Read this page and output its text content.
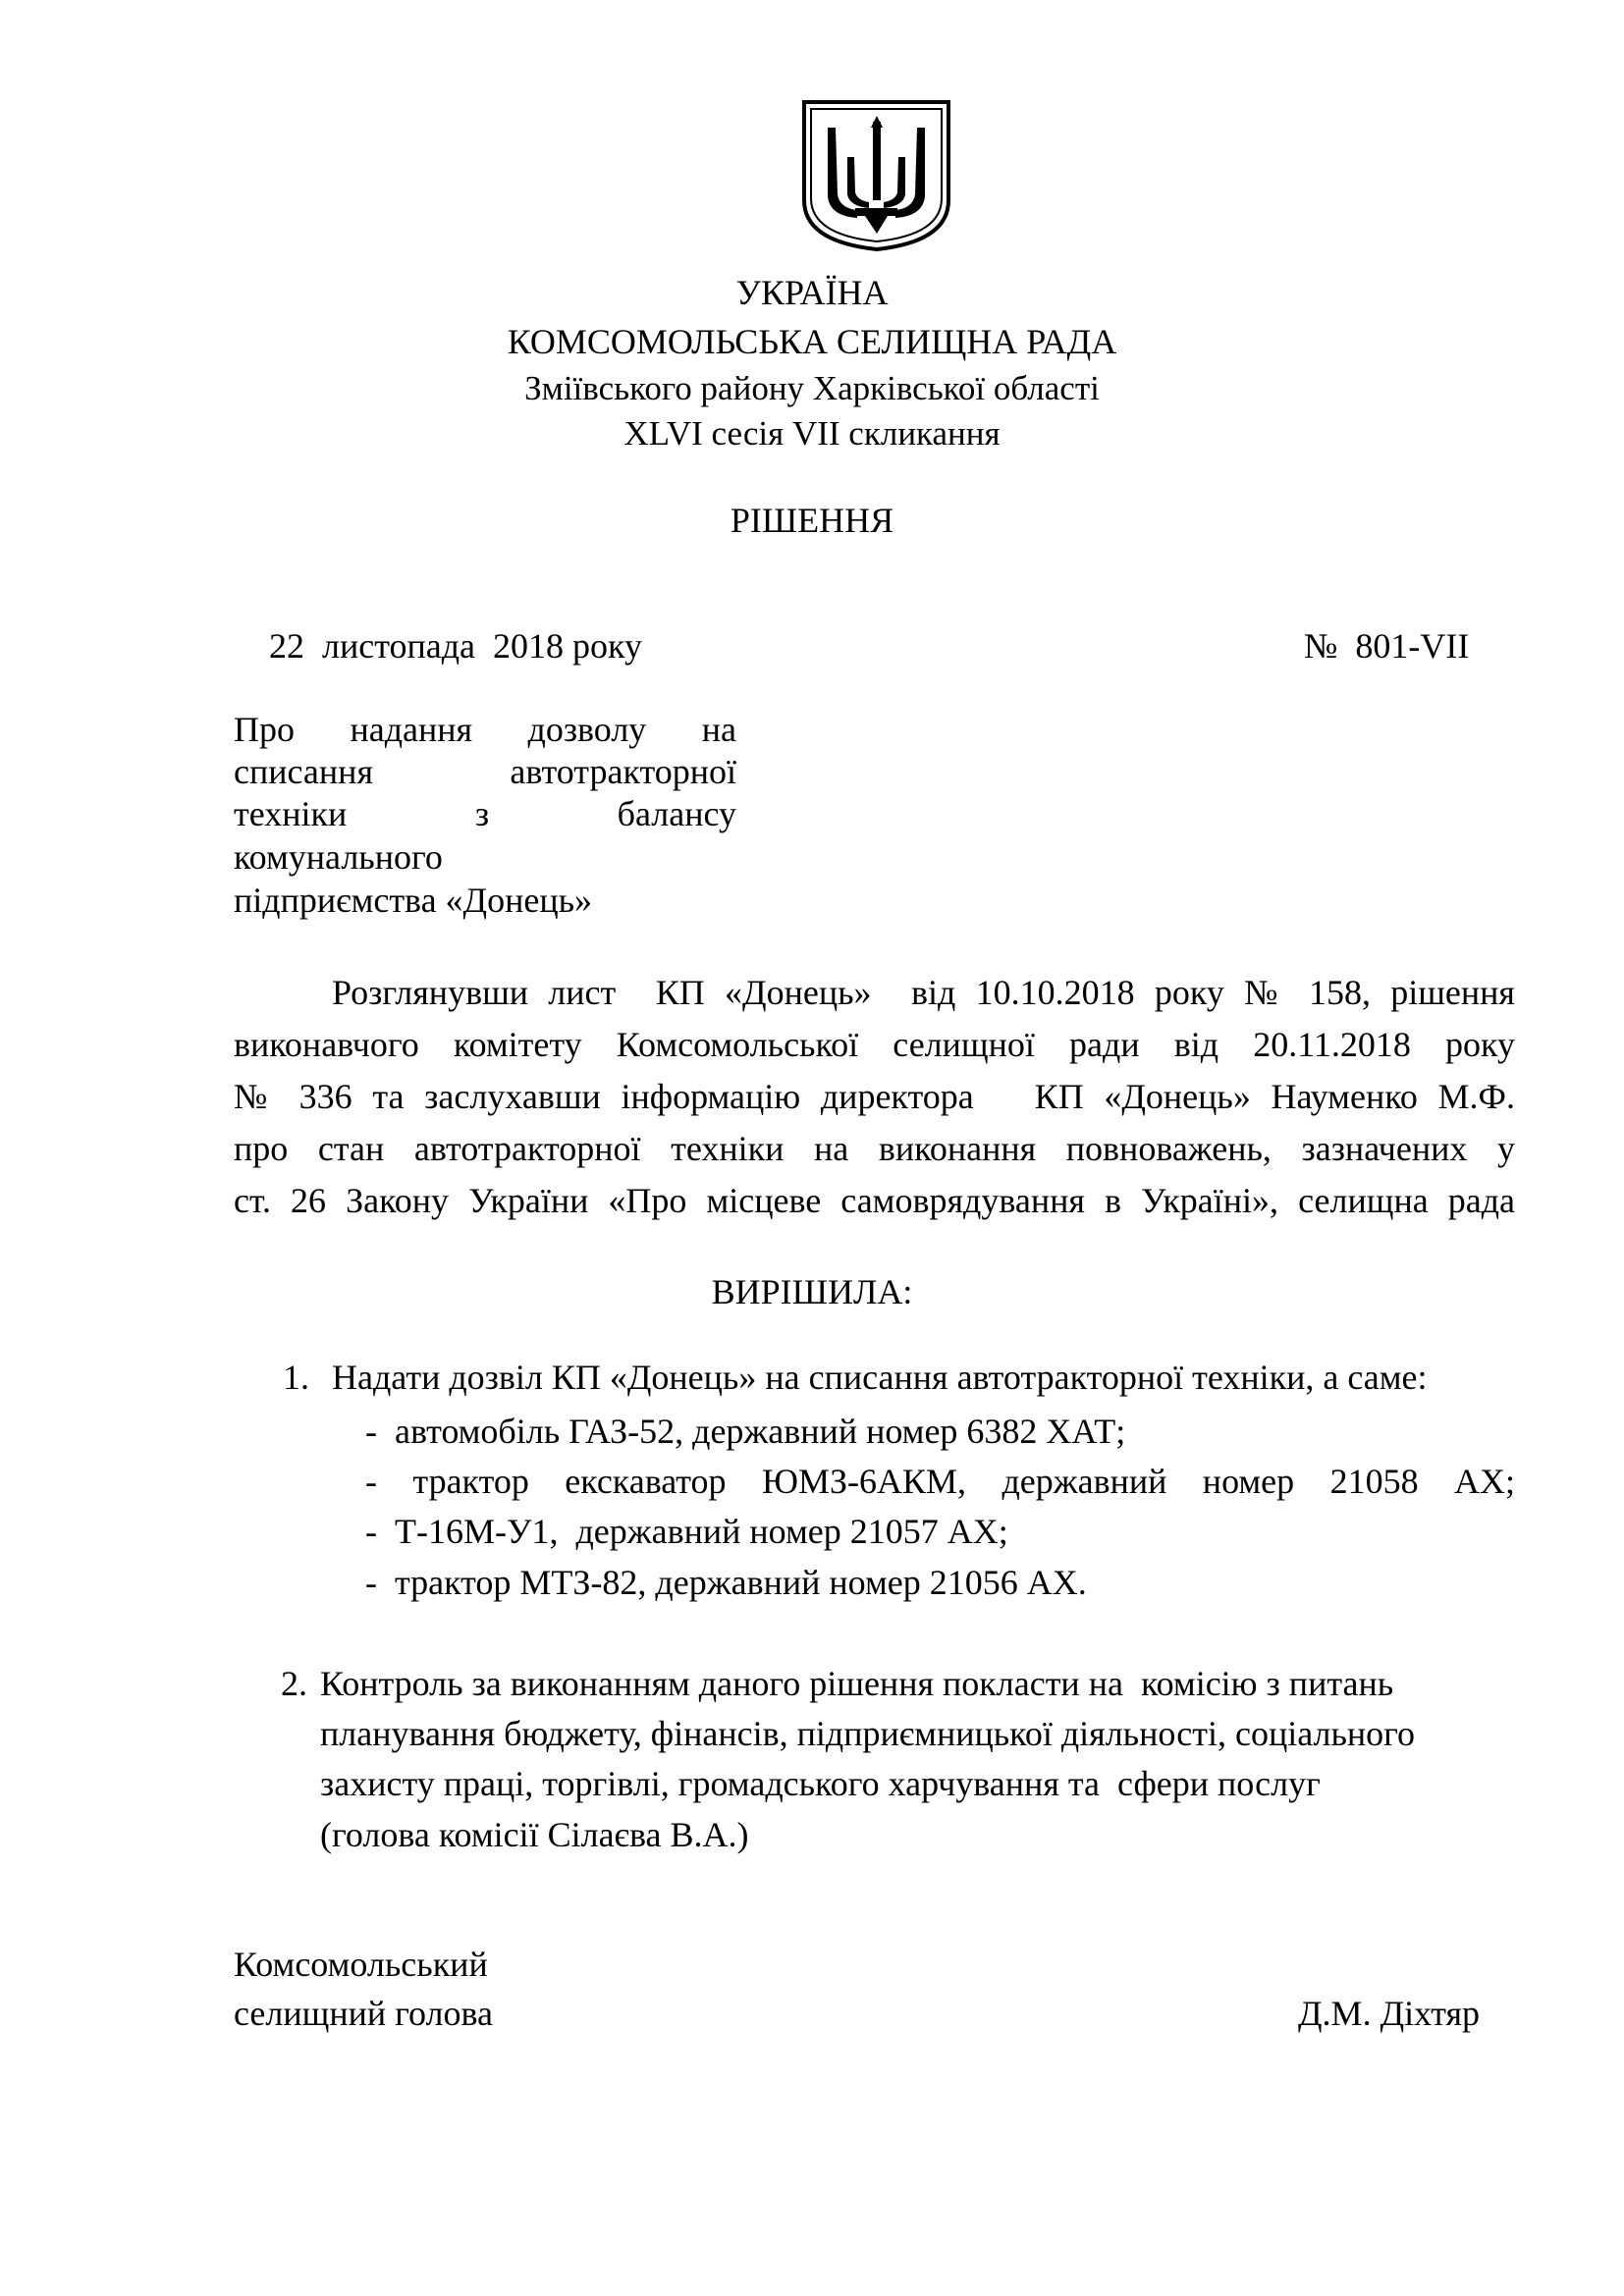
УКРАЇНА
КОМСОМОЛЬСЬКА СЕЛИЩНА РАДА
Зміївського району Харківської області
XLVI сесія VII скликання
РІШЕННЯ
22  листопада  2018 року	№  801-VII
Про надання дозволу на
списання автотракторної
техніки з балансу
комунального
підприємства «Донець»
Розглянувши лист  КП «Донець»  від 10.10.2018 року № 158, рішення
виконавчого комітету Комсомольської селищної ради від 20.11.2018 року
№ 336 та заслухавши інформацію директора   КП «Донець» Науменко М.Ф.
про стан автотракторної техніки на виконання повноважень, зазначених у
ст. 26 Закону України «Про місцеве самоврядування в Україні», селищна рада
ВИРІШИЛА:
1. Надати дозвіл КП «Донець» на списання автотракторної техніки, а саме:
-  автомобіль ГАЗ-52, державний номер 6382 ХАТ;
- трактор екскаватор ЮМЗ-6АКМ, державний номер 21058 АХ;
-  Т-16М-У1,  державний номер 21057 АХ;
-  трактор МТЗ-82, державний номер 21056 АХ.
2. Контроль за виконанням даного рішення покласти на  комісію з питань
планування бюджету, фінансів, підприємницької діяльності, соціального
захисту праці, торгівлі, громадського харчування та  сфери послуг
(голова комісії Сілаєва В.А.)
Комсомольський
селищний голова	Д.М. Діхтяр
